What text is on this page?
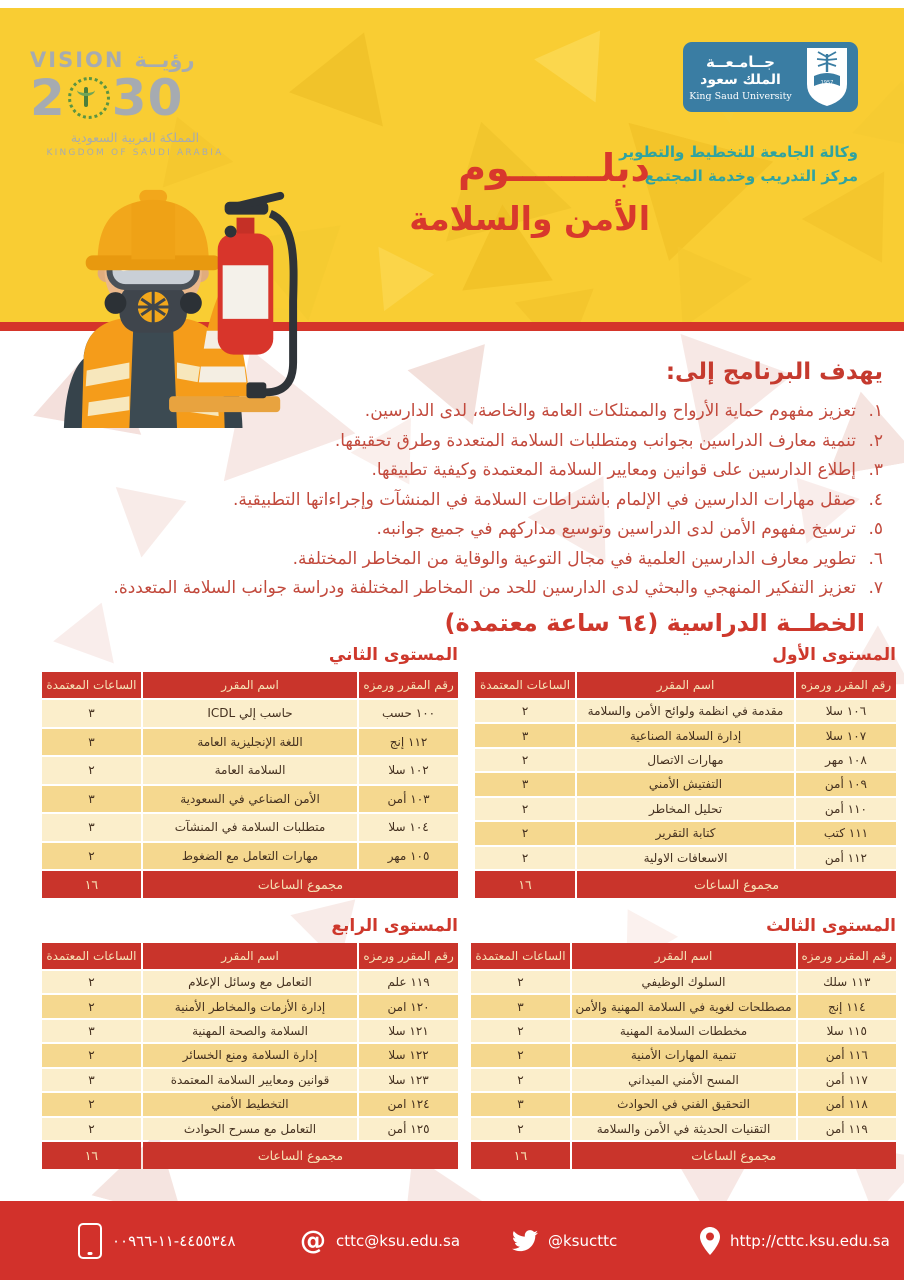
VISION رؤيــة
2 30
المملكة العربية السعودية
KINGDOM OF SAUDI ARABIA
جــامـعــة
الملك سعود
King Saud University
1957
وكالة الجامعة للتخطيط والتطوير
مركز التدريب وخدمة المجتمع
دبلـــــــوم
الأمن والسلامة
يهدف البرنامج إلى:
١.
تعزيز مفهوم حماية الأرواح والممتلكات العامة والخاصة، لدى الدارسين.
٢.
تنمية معارف الدراسين بجوانب ومتطلبات السلامة المتعددة وطرق تحقيقها.
٣.
إطلاع الدارسين على قوانين ومعايير السلامة المعتمدة وكيفية تطبيقها.
٤.
صقل مهارات الدارسين في الإلمام باشتراطات السلامة في المنشآت وإجراءاتها التطبيقية.
٥.
ترسيخ مفهوم الأمن لدى الدراسين وتوسيع مداركهم في جميع جوانبه.
٦.
تطوير معارف الدارسين العلمية في مجال التوعية والوقاية من المخاطر المختلفة.
٧.
تعزيز التفكير المنهجي والبحثي لدى الدارسين للحد من المخاطر المختلفة ودراسة جوانب السلامة المتعددة.
الخطــة الدراسية (٦٤ ساعة معتمدة)
المستوى الأول
رقم المقرر ورمزه	اسم المقرر	الساعات المعتمدة
١٠٦ سلا	مقدمة في انظمة ولوائح الأمن والسلامة	٢
١٠٧ سلا	إدارة السلامة الصناعية	٣
١٠٨ مهر	مهارات الاتصال	٢
١٠٩ أمن	التفتيش الأمني	٣
١١٠ أمن	تحليل المخاطر	٢
١١١ كتب	كتابة التقرير	٢
١١٢ أمن	الاسعافات الاولية	٢
مجموع الساعات		١٦
المستوى الثاني
رقم المقرر ورمزه	اسم المقرر	الساعات المعتمدة
١٠٠ حسب	حاسب إلي ICDL	٣
١١٢ إنج	اللغة الإنجليزية العامة	٣
١٠٢ سلا	السلامة العامة	٢
١٠٣ أمن	الأمن الصناعي في السعودية	٣
١٠٤ سلا	متطلبات السلامة في المنشآت	٣
١٠٥ مهر	مهارات التعامل مع الضغوط	٢
مجموع الساعات		١٦
المستوى الثالث
رقم المقرر ورمزه	اسم المقرر	الساعات المعتمدة
١١٣ سلك	السلوك الوظيفي	٢
١١٤ إنج	مصطلحات لغوية في السلامة المهنية والأمن	٣
١١٥ سلا	مخططات السلامة المهنية	٢
١١٦ أمن	تنمية المهارات الأمنية	٢
١١٧ أمن	المسح الأمني الميداني	٢
١١٨ أمن	التحقيق الفني في الحوادث	٣
١١٩ أمن	التقنيات الحديثة في الأمن والسلامة	٢
مجموع الساعات		١٦
المستوى الرابع
رقم المقرر ورمزه	اسم المقرر	الساعات المعتمدة
١١٩ علم	التعامل مع وسائل الإعلام	٢
١٢٠ امن	إدارة الأزمات والمخاطر الأمنية	٢
١٢١ سلا	السلامة والصحة المهنية	٣
١٢٢ سلا	إدارة السلامة ومنع الخسائر	٢
١٢٣ سلا	قوانين ومعايير السلامة المعتمدة	٣
١٢٤ امن	التخطيط الأمني	٢
١٢٥ أمن	التعامل مع مسرح الحوادث	٢
مجموع الساعات		١٦
٠٠٩٦٦-١١-٤٤٥٥٣٤٨ @ cttc@ksu.edu.sa	@ksucttc	http://cttc.ksu.edu.sa
